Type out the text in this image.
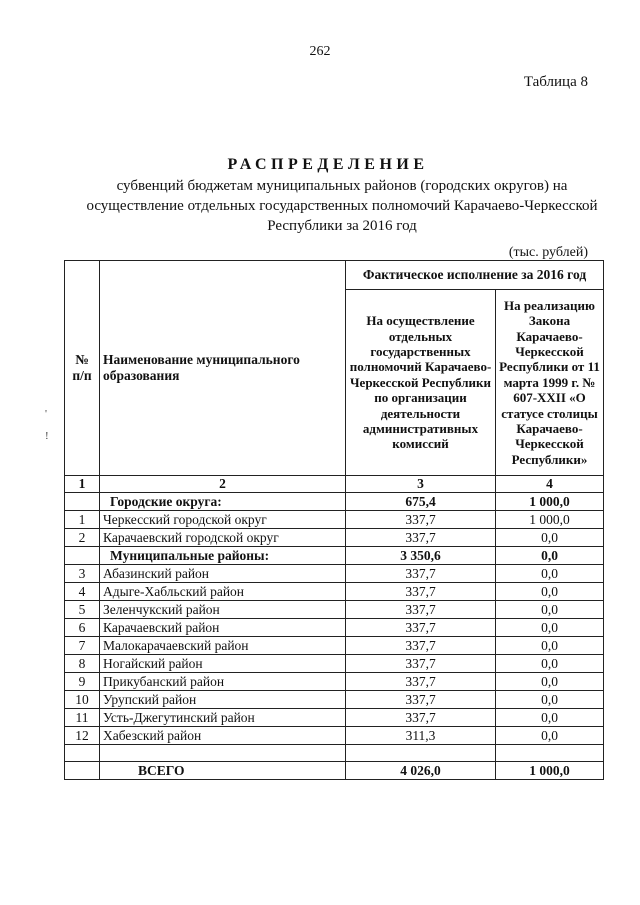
262
Таблица 8
РАСПРЕДЕЛЕНИЕ
субвенций бюджетам муниципальных районов (городских округов) на осуществление отдельных государственных полномочий Карачаево-Черкесской Республики за 2016 год
(тыс. рублей)
'
!
№ п/п	Наименование муниципального образования	Фактическое исполнение за 2016 год	
		На осуществление отдельных государственных полномочий Карачаево-Черкесской Республики по организации деятельности административных комиссий	На реализацию Закона Карачаево-Черкесской Республики от 11 марта 1999 г. № 607-XXII «О статусе столицы Карачаево-Черкесской Республики»
1	2	3	4
	Городские округа:	675,4	1 000,0
1	Черкесский городской округ	337,7	1 000,0
2	Карачаевский городской округ	337,7	0,0
	Муниципальные районы:	3 350,6	0,0
3	Абазинский район	337,7	0,0
4	Адыге-Хабльский район	337,7	0,0
5	Зеленчукский район	337,7	0,0
6	Карачаевский район	337,7	0,0
7	Малокарачаевский район	337,7	0,0
8	Ногайский район	337,7	0,0
9	Прикубанский район	337,7	0,0
10	Урупский район	337,7	0,0
11	Усть-Джегутинский район	337,7	0,0
12	Хабезский район	311,3	0,0

	ВСЕГО	4 026,0	1 000,0
